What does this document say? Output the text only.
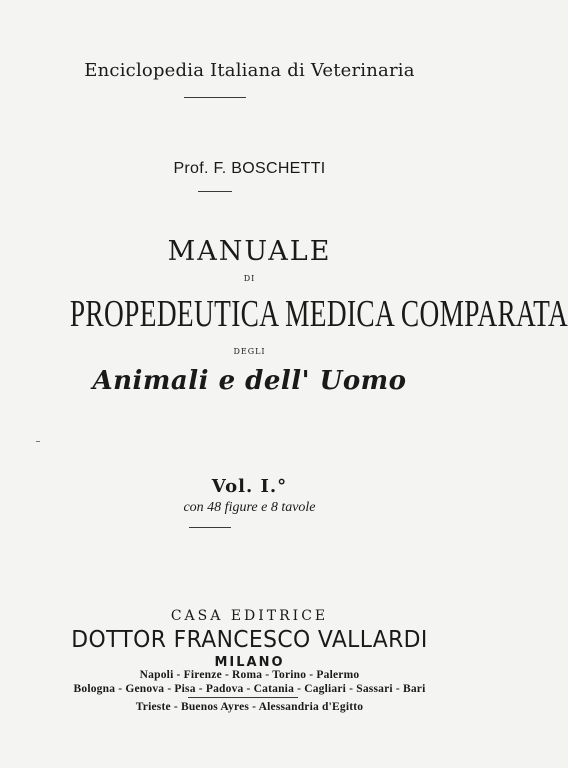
Enciclopedia Italiana di Veterinaria
Prof. F. BOSCHETTI
MANUALE
DI
PROPEDEUTICA MEDICA COMPARATA
DEGLI
Animali e dell' Uomo
Vol. I.°
con 48 figure e 8 tavole
CASA EDITRICE
DOTTOR FRANCESCO VALLARDI
MILANO
Napoli - Firenze - Roma - Torino - Palermo
Bologna - Genova - Pisa - Padova - Catania - Cagliari - Sassari - Bari
Trieste - Buenos Ayres - Alessandria d'Egitto
